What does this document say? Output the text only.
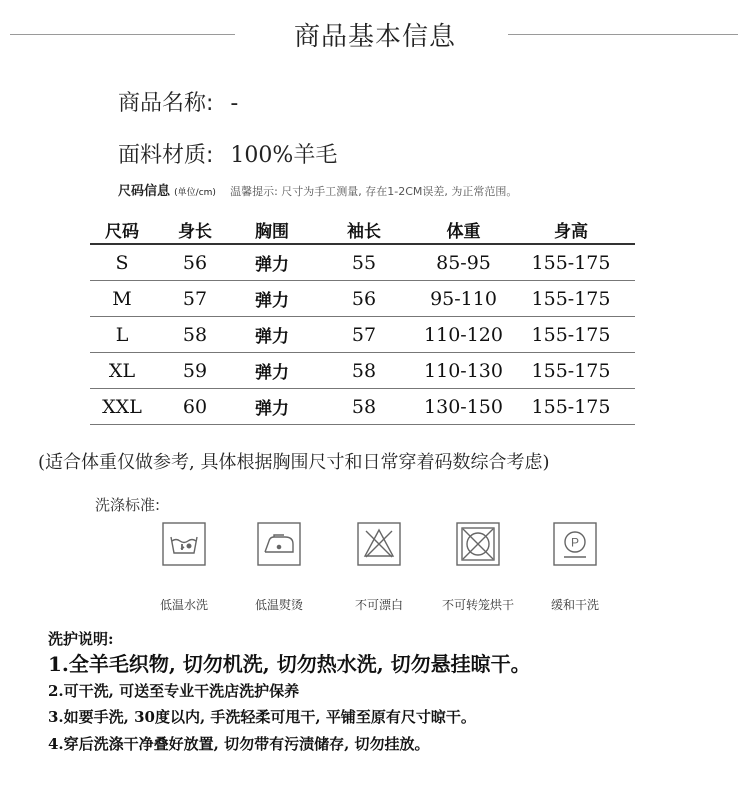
商品基本信息
商品名称: -
面料材质: 100%羊毛
尺码信息 (单位/cm) 温馨提示: 尺寸为手工测量, 存在1-2CM误差, 为正常范围。
尺码	身长	胸围	袖长	体重	身高
S	56	弹力	55	85-95	155-175
M	57	弹力	56	95-110	155-175
L	58	弹力	57	110-120	155-175
XL	59	弹力	58	110-130	155-175
XXL	60	弹力	58	130-150	155-175
(适合体重仅做参考, 具体根据胸围尺寸和日常穿着码数综合考虑)
洗涤标准:
P
低温水洗	低温熨烫	不可漂白	不可转笼烘干	缓和干洗
洗护说明:
1.全羊毛织物, 切勿机洗, 切勿热水洗, 切勿悬挂晾干。
2.可干洗, 可送至专业干洗店洗护保养
3.如要手洗, 30度以内, 手洗轻柔可甩干, 平铺至原有尺寸晾干。
4.穿后洗涤干净叠好放置, 切勿带有污渍储存, 切勿挂放。
